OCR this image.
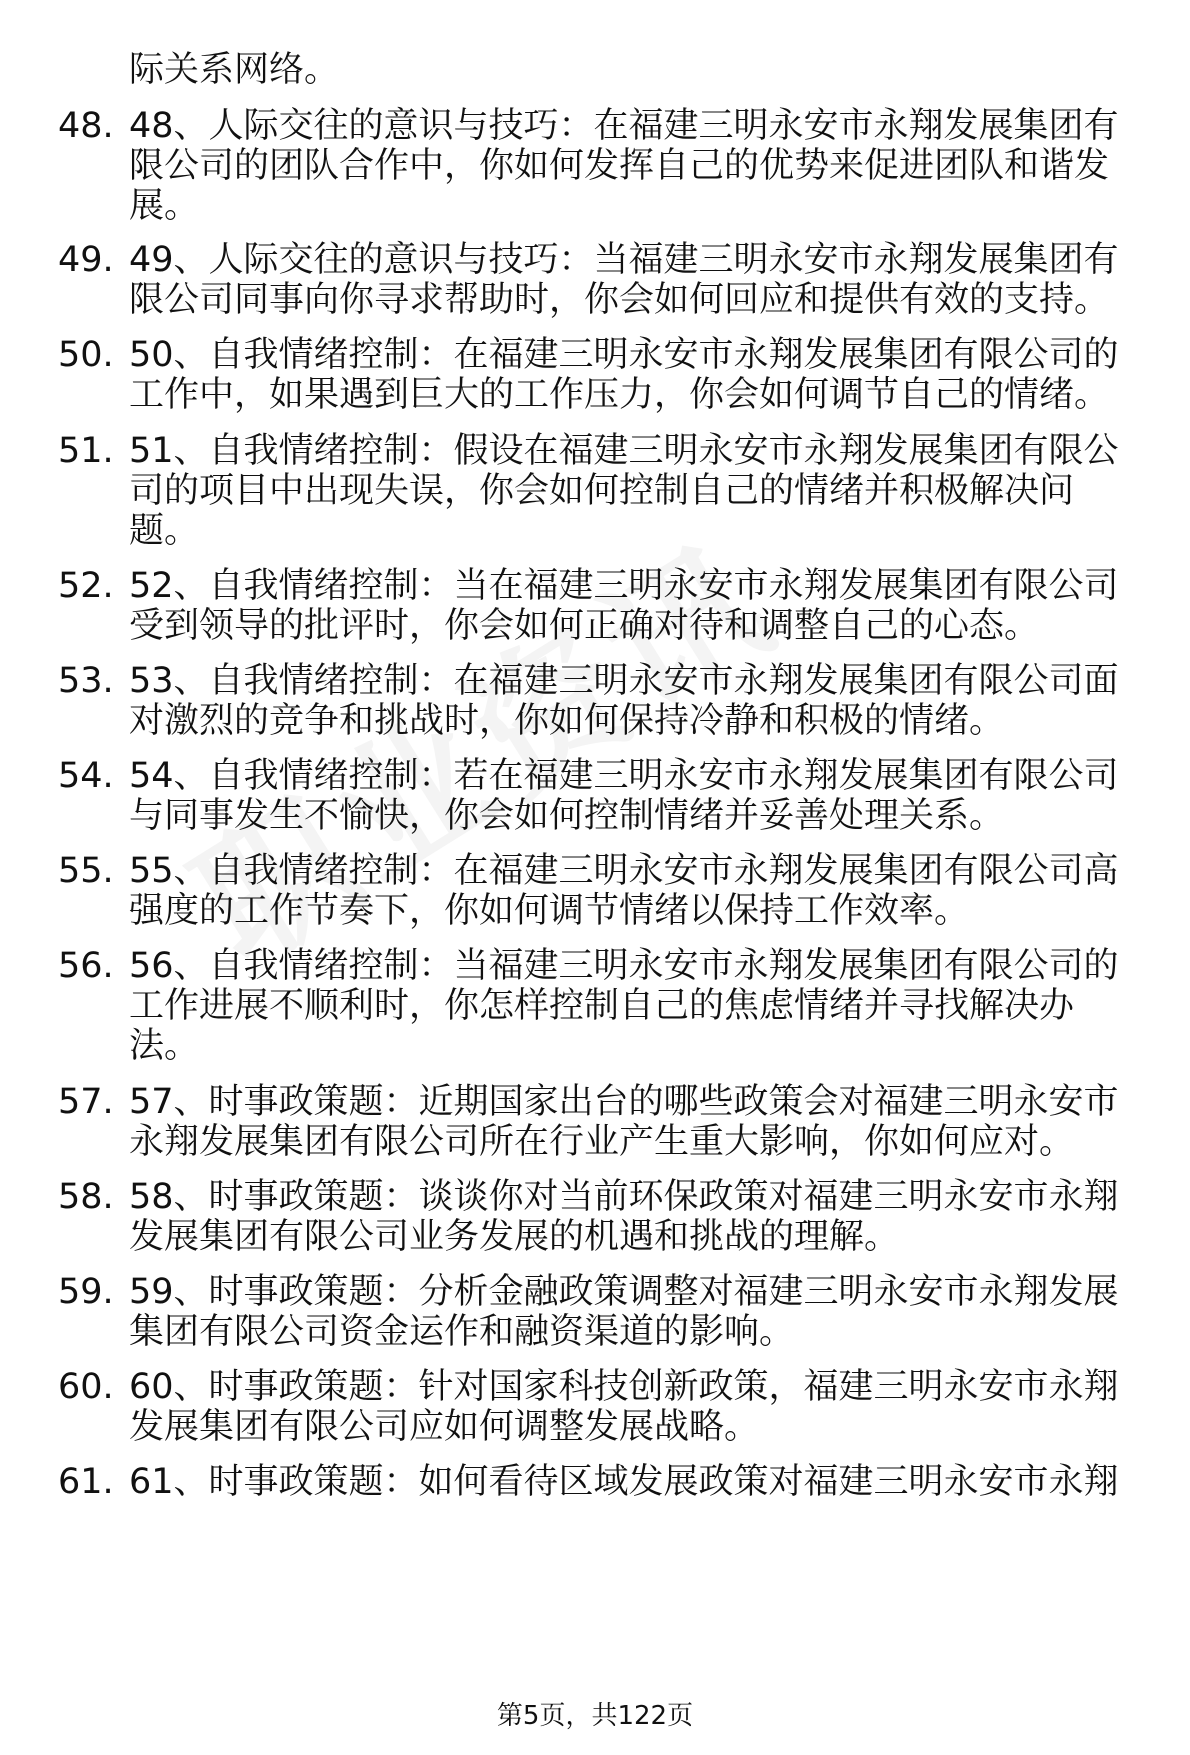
际关系网络。
48. 48、人际交往的意识与技巧：在福建三明永安市永翔发展集团有
限公司的团队合作中，你如何发挥自己的优势来促进团队和谐发
展。
49. 49、人际交往的意识与技巧：当福建三明永安市永翔发展集团有
限公司同事向你寻求帮助时，你会如何回应和提供有效的支持。
50. 50、自我情绪控制：在福建三明永安市永翔发展集团有限公司的
工作中，如果遇到巨大的工作压力，你会如何调节自己的情绪。
51. 51、自我情绪控制：假设在福建三明永安市永翔发展集团有限公
司的项目中出现失误，你会如何控制自己的情绪并积极解决问
题。
52. 52、自我情绪控制：当在福建三明永安市永翔发展集团有限公司
受到领导的批评时，你会如何正确对待和调整自己的心态。
53. 53、自我情绪控制：在福建三明永安市永翔发展集团有限公司面
对激烈的竞争和挑战时，你如何保持冷静和积极的情绪。
54. 54、自我情绪控制：若在福建三明永安市永翔发展集团有限公司
与同事发生不愉快，你会如何控制情绪并妥善处理关系。
55. 55、自我情绪控制：在福建三明永安市永翔发展集团有限公司高
强度的工作节奏下，你如何调节情绪以保持工作效率。
56. 56、自我情绪控制：当福建三明永安市永翔发展集团有限公司的
工作进展不顺利时，你怎样控制自己的焦虑情绪并寻找解决办
法。
57. 57、时事政策题：近期国家出台的哪些政策会对福建三明永安市
永翔发展集团有限公司所在行业产生重大影响，你如何应对。
58. 58、时事政策题：谈谈你对当前环保政策对福建三明永安市永翔
发展集团有限公司业务发展的机遇和挑战的理解。
59. 59、时事政策题：分析金融政策调整对福建三明永安市永翔发展
集团有限公司资金运作和融资渠道的影响。
60. 60、时事政策题：针对国家科技创新政策，福建三明永安市永翔
发展集团有限公司应如何调整发展战略。
61. 61、时事政策题：如何看待区域发展政策对福建三明永安市永翔
第5页，共122页
